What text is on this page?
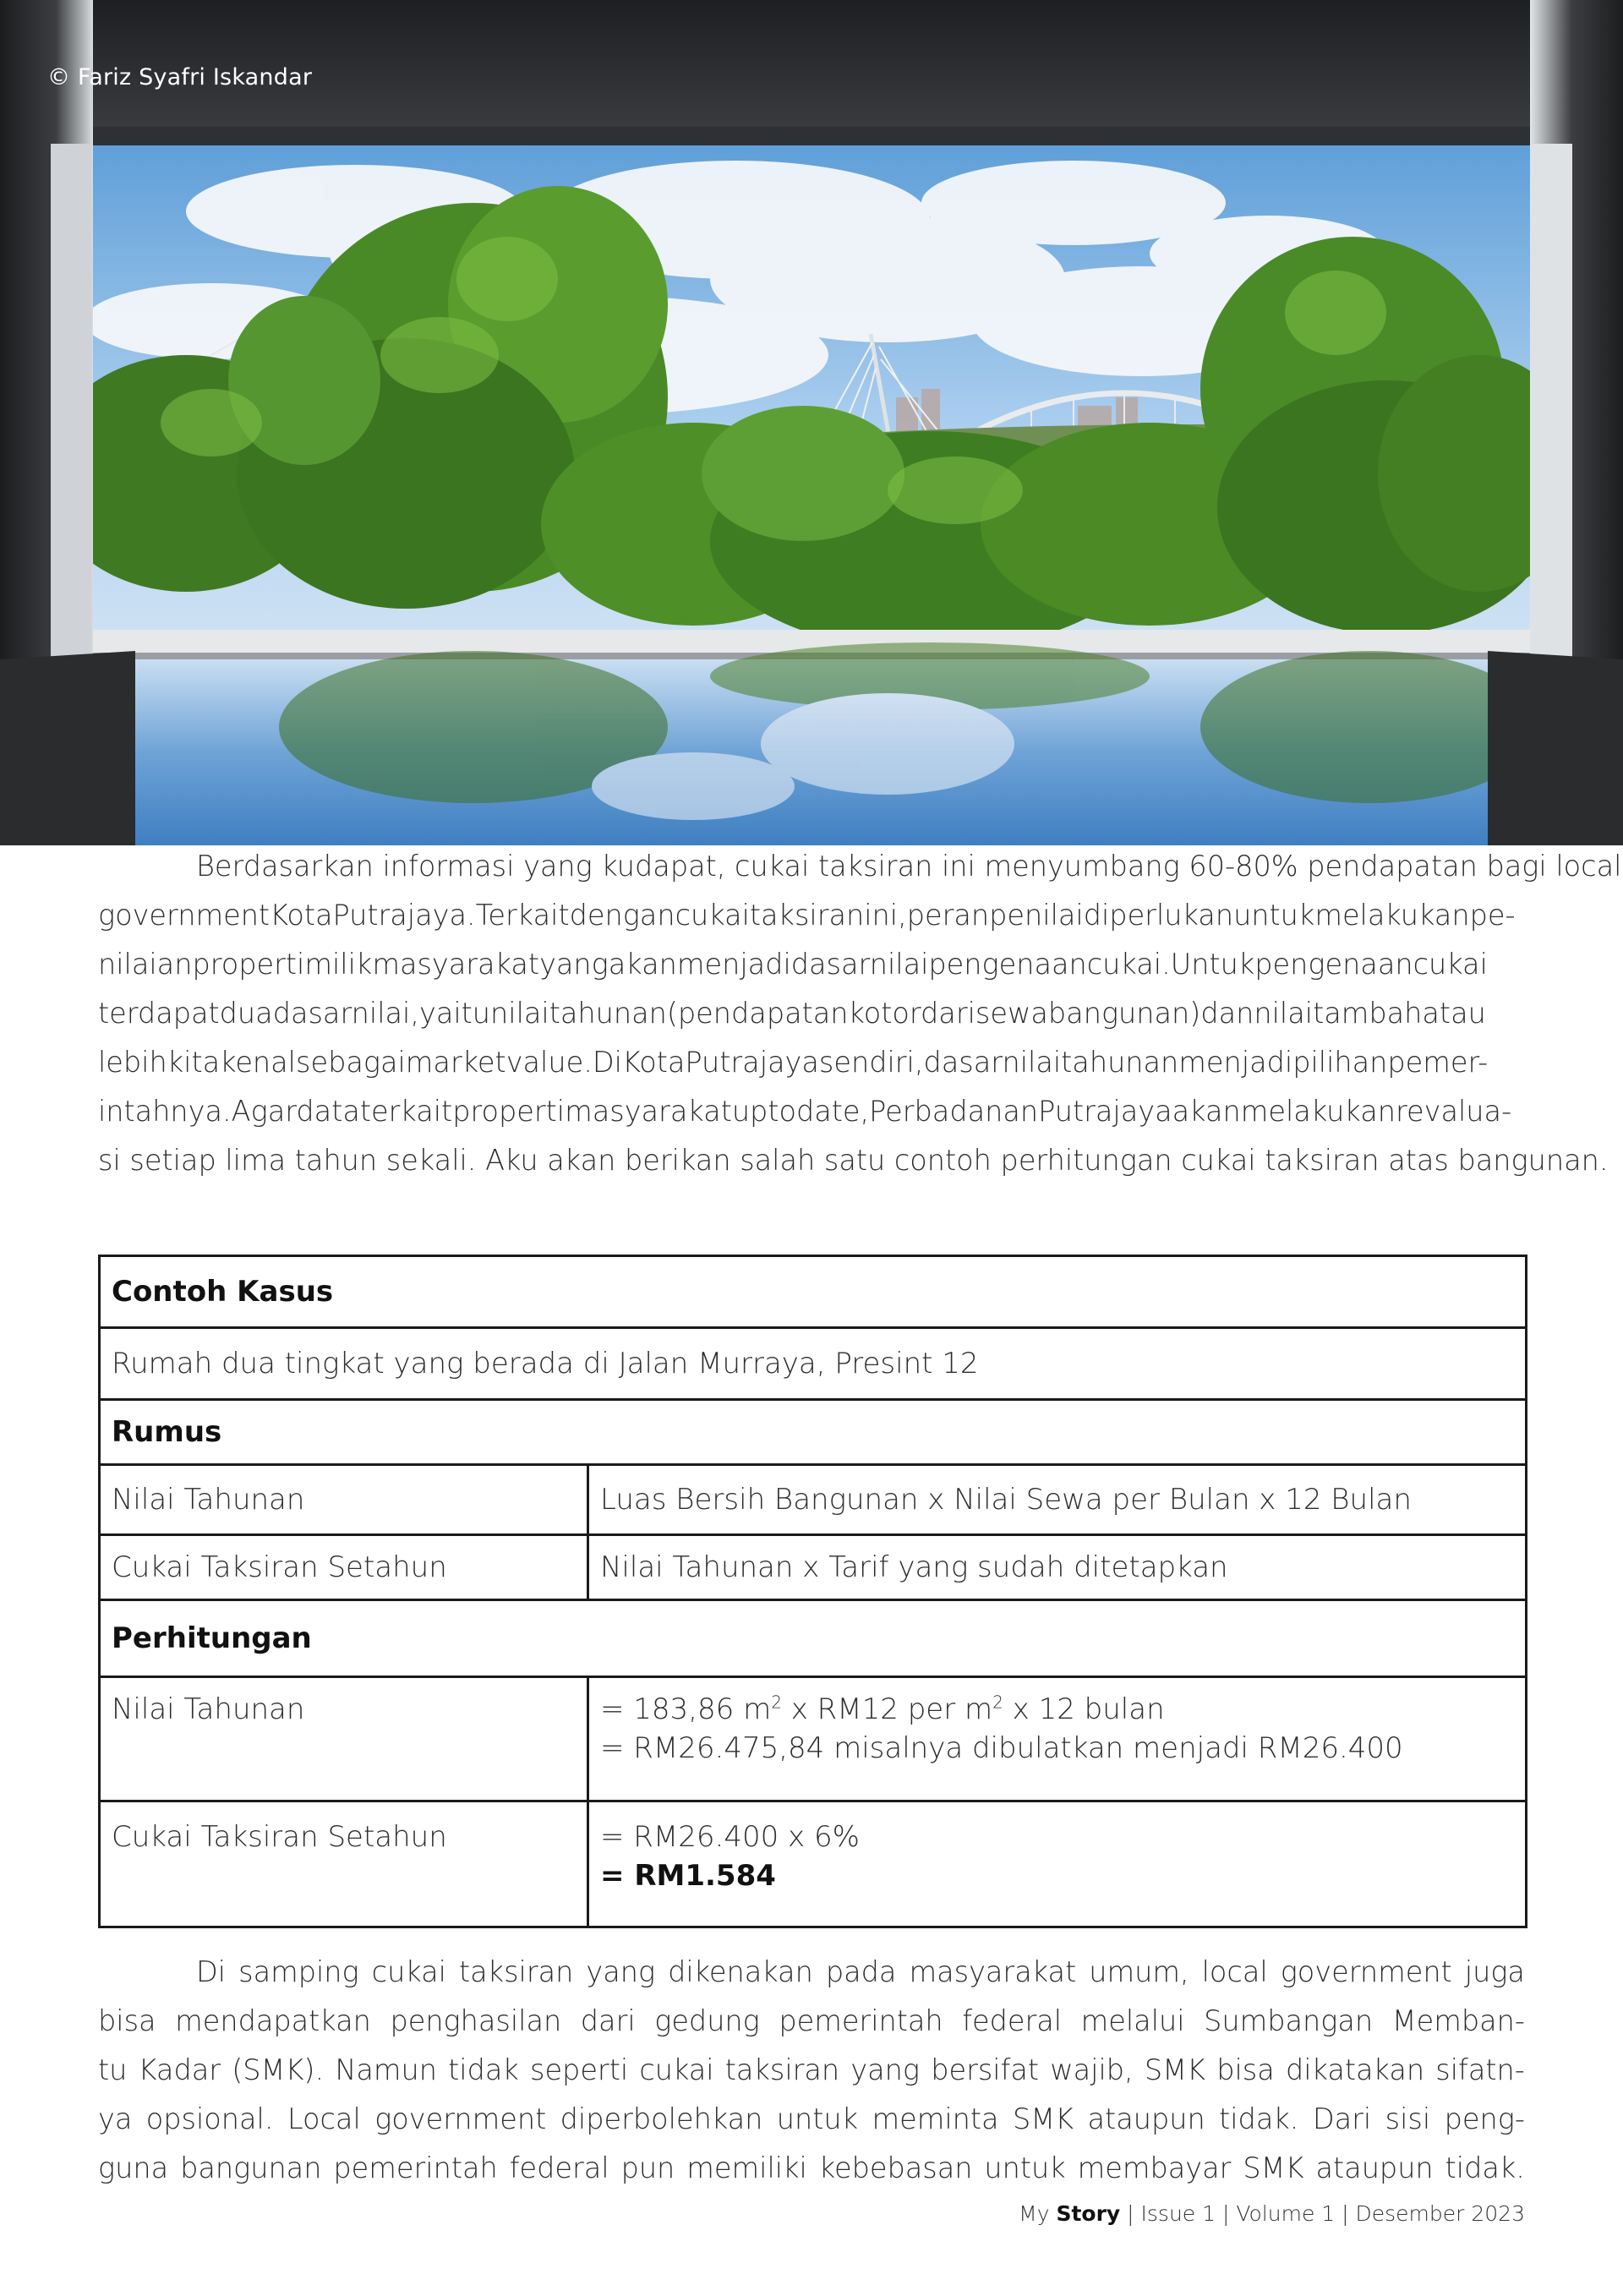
© Fariz Syafri Iskandar
Berdasarkan informasi yang kudapat, cukai taksiran ini menyumbang 60-80% pendapatan bagi local
governmentKotaPutrajaya.Terkaitdengancukaitaksiranini,peranpenilaidiperlukanuntukmelakukanpe-
nilaianpropertimilikmasyarakatyangakanmenjadidasarnilaipengenaancukai.Untukpengenaancukai
terdapatduadasarnilai,yaitunilaitahunan(pendapatankotordarisewabangunan)dannilaitambahatau
lebihkitakenalsebagaimarketvalue.DiKotaPutrajayasendiri,dasarnilaitahunanmenjadipilihanpemer-
intahnya.Agardataterkaitpropertimasyarakatuptodate,PerbadananPutrajayaakanmelakukanrevalua-
si setiap lima tahun sekali. Aku akan berikan salah satu contoh perhitungan cukai taksiran atas bangunan.
Contoh Kasus	
Rumah dua tingkat yang berada di Jalan Murraya, Presint 12	
Rumus	
Nilai Tahunan	Luas Bersih Bangunan x Nilai Sewa per Bulan x 12 Bulan
Cukai Taksiran Setahun	Nilai Tahunan x Tarif yang sudah ditetapkan
Perhitungan	
Nilai Tahunan	= 183,86 $m^2$ x RM12 per $m^2$ x 12 bulan
= RM26.475,84 misalnya dibulatkan menjadi RM26.400

Cukai Taksiran Setahun	= RM26.400 x 6%
= RM1.584
Di samping cukai taksiran yang dikenakan pada masyarakat umum, local government juga
bisa mendapatkan penghasilan dari gedung pemerintah federal melalui Sumbangan Memban-
tu Kadar (SMK). Namun tidak seperti cukai taksiran yang bersifat wajib, SMK bisa dikatakan sifatn-
ya opsional. Local government diperbolehkan untuk meminta SMK ataupun tidak. Dari sisi peng-
guna bangunan pemerintah federal pun memiliki kebebasan untuk membayar SMK ataupun tidak.
My Story | Issue 1 | Volume 1 | Desember 2023
